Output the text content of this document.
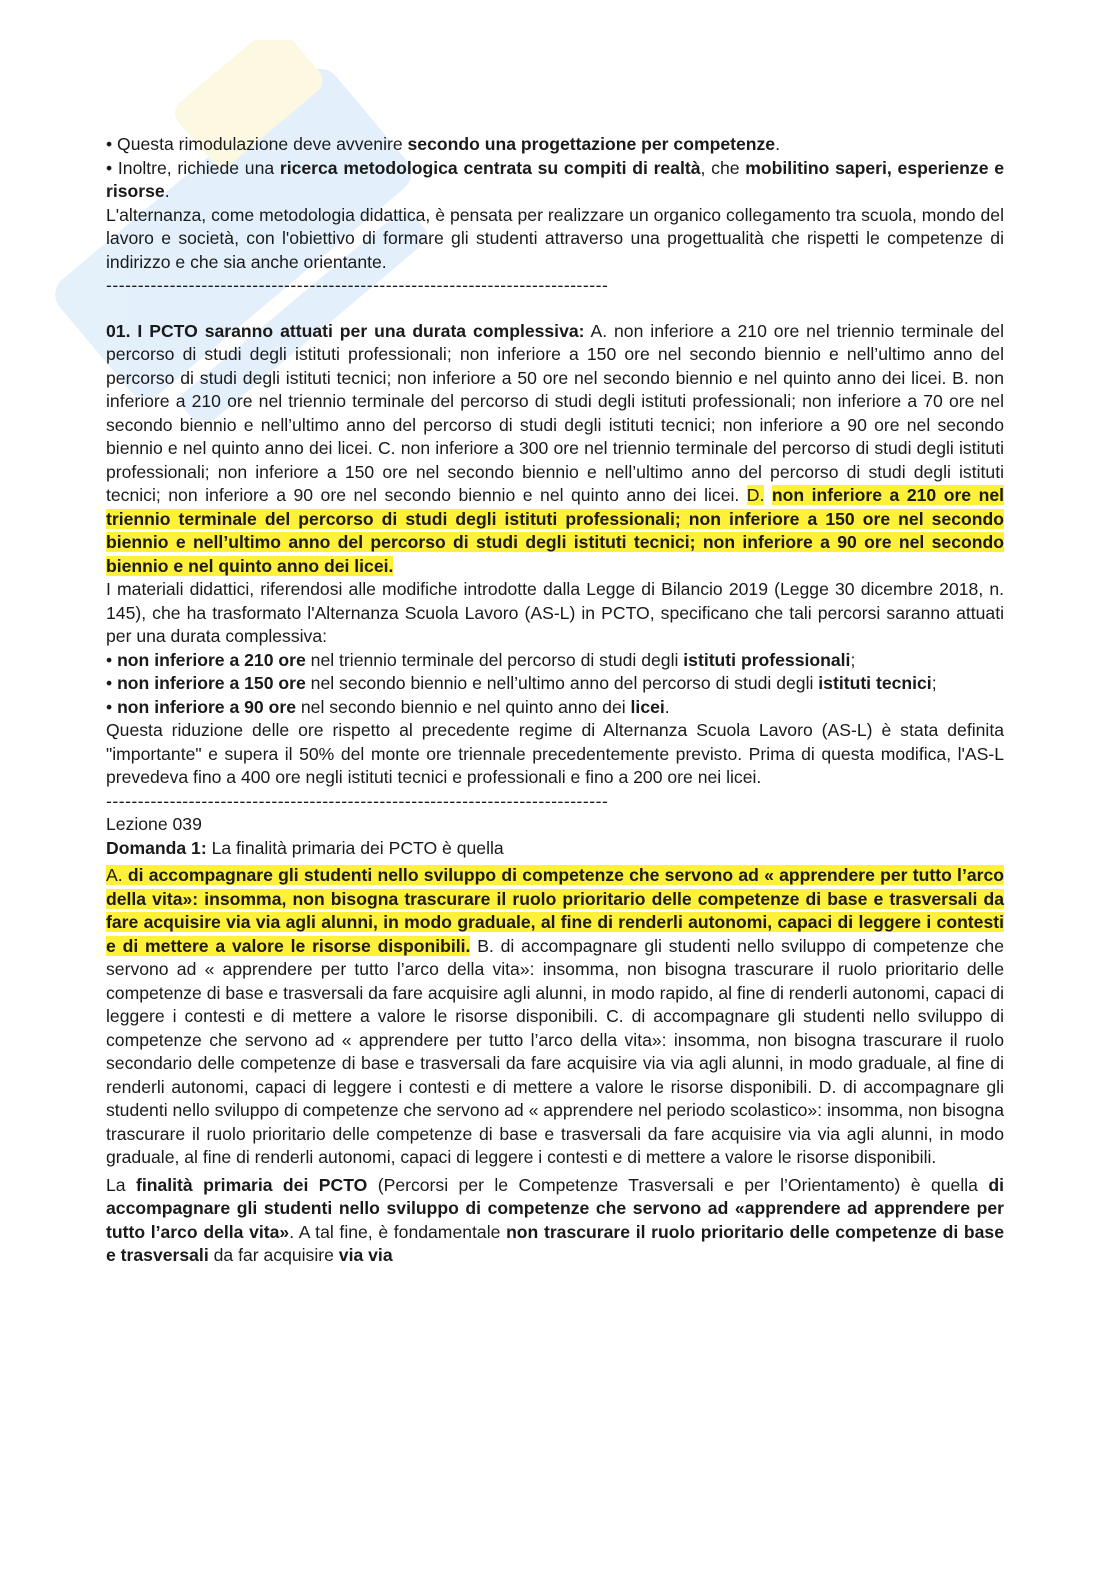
• Questa rimodulazione deve avvenire secondo una progettazione per competenze.

• Inoltre, richiede una ricerca metodologica centrata su compiti di realtà, che mobilitino saperi, esperienze e risorse.

L'alternanza, come metodologia didattica, è pensata per realizzare un organico collegamento tra scuola, mondo del lavoro e società, con l'obiettivo di formare gli studenti attraverso una progettualità che rispetti le competenze di indirizzo e che sia anche orientante.

-------------------------------------------------------------------------------

01. I PCTO saranno attuati per una durata complessiva: A. non inferiore a 210 ore nel triennio terminale del percorso di studi degli istituti professionali; non inferiore a 150 ore nel secondo biennio e nell’ultimo anno del percorso di studi degli istituti tecnici; non inferiore a 50 ore nel secondo biennio e nel quinto anno dei licei. B. non inferiore a 210 ore nel triennio terminale del percorso di studi degli istituti professionali; non inferiore a 70 ore nel secondo biennio e nell’ultimo anno del percorso di studi degli istituti tecnici; non inferiore a 90 ore nel secondo biennio e nel quinto anno dei licei. C. non inferiore a 300 ore nel triennio terminale del percorso di studi degli istituti professionali; non inferiore a 150 ore nel secondo biennio e nell’ultimo anno del percorso di studi degli istituti tecnici; non inferiore a 90 ore nel secondo biennio e nel quinto anno dei licei. D. non inferiore a 210 ore nel triennio terminale del percorso di studi degli istituti professionali; non inferiore a 150 ore nel secondo biennio e nell’ultimo anno del percorso di studi degli istituti tecnici; non inferiore a 90 ore nel secondo biennio e nel quinto anno dei licei.

I materiali didattici, riferendosi alle modifiche introdotte dalla Legge di Bilancio 2019 (Legge 30 dicembre 2018, n. 145), che ha trasformato l'Alternanza Scuola Lavoro (AS-L) in PCTO, specificano che tali percorsi saranno attuati per una durata complessiva:

• non inferiore a 210 ore nel triennio terminale del percorso di studi degli istituti professionali;

• non inferiore a 150 ore nel secondo biennio e nell’ultimo anno del percorso di studi degli istituti tecnici;

• non inferiore a 90 ore nel secondo biennio e nel quinto anno dei licei.

Questa riduzione delle ore rispetto al precedente regime di Alternanza Scuola Lavoro (AS-L) è stata definita "importante" e supera il 50% del monte ore triennale precedentemente previsto. Prima di questa modifica, l'AS-L prevedeva fino a 400 ore negli istituti tecnici e professionali e fino a 200 ore nei licei.

-------------------------------------------------------------------------------

Lezione 039

Domanda 1: La finalità primaria dei PCTO è quella

A. di accompagnare gli studenti nello sviluppo di competenze che servono ad « apprendere per tutto l’arco della vita»: insomma, non bisogna trascurare il ruolo prioritario delle competenze di base e trasversali da fare acquisire via via agli alunni, in modo graduale, al fine di renderli autonomi, capaci di leggere i contesti e di mettere a valore le risorse disponibili. B. di accompagnare gli studenti nello sviluppo di competenze che servono ad « apprendere per tutto l’arco della vita»: insomma, non bisogna trascurare il ruolo prioritario delle competenze di base e trasversali da fare acquisire agli alunni, in modo rapido, al fine di renderli autonomi, capaci di leggere i contesti e di mettere a valore le risorse disponibili. C. di accompagnare gli studenti nello sviluppo di competenze che servono ad « apprendere per tutto l’arco della vita»: insomma, non bisogna trascurare il ruolo secondario delle competenze di base e trasversali da fare acquisire via via agli alunni, in modo graduale, al fine di renderli autonomi, capaci di leggere i contesti e di mettere a valore le risorse disponibili. D. di accompagnare gli studenti nello sviluppo di competenze che servono ad « apprendere nel periodo scolastico»: insomma, non bisogna trascurare il ruolo prioritario delle competenze di base e trasversali da fare acquisire via via agli alunni, in modo graduale, al fine di renderli autonomi, capaci di leggere i contesti e di mettere a valore le risorse disponibili.

La finalità primaria dei PCTO (Percorsi per le Competenze Trasversali e per l’Orientamento) è quella di accompagnare gli studenti nello sviluppo di competenze che servono ad «apprendere ad apprendere per tutto l’arco della vita». A tal fine, è fondamentale non trascurare il ruolo prioritario delle competenze di base e trasversali da far acquisire via via
